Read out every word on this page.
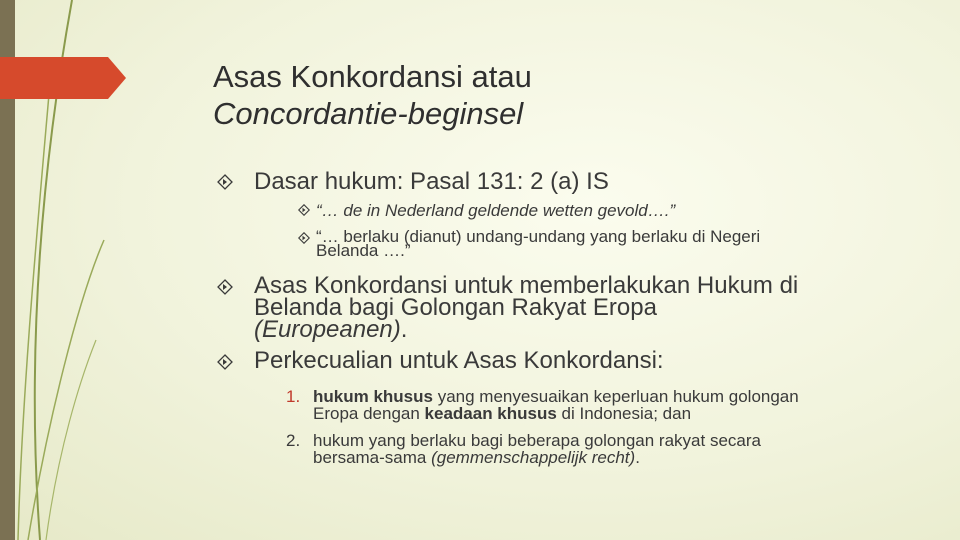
Asas Konkordansi atau
Concordantie-beginsel
Dasar hukum: Pasal 131: 2 (a) IS
“… de in Nederland geldende wetten gevold….”
“… berlaku (dianut) undang-undang yang berlaku di Negeri
Belanda ….”
Asas Konkordansi untuk memberlakukan Hukum di
Belanda bagi Golongan Rakyat Eropa
(Europeanen).
Perkecualian untuk Asas Konkordansi:
1. hukum khusus yang menyesuaikan keperluan hukum golongan
Eropa dengan keadaan khusus di Indonesia; dan
2. hukum yang berlaku bagi beberapa golongan rakyat secara
bersama-sama (gemmenschappelijk recht).
